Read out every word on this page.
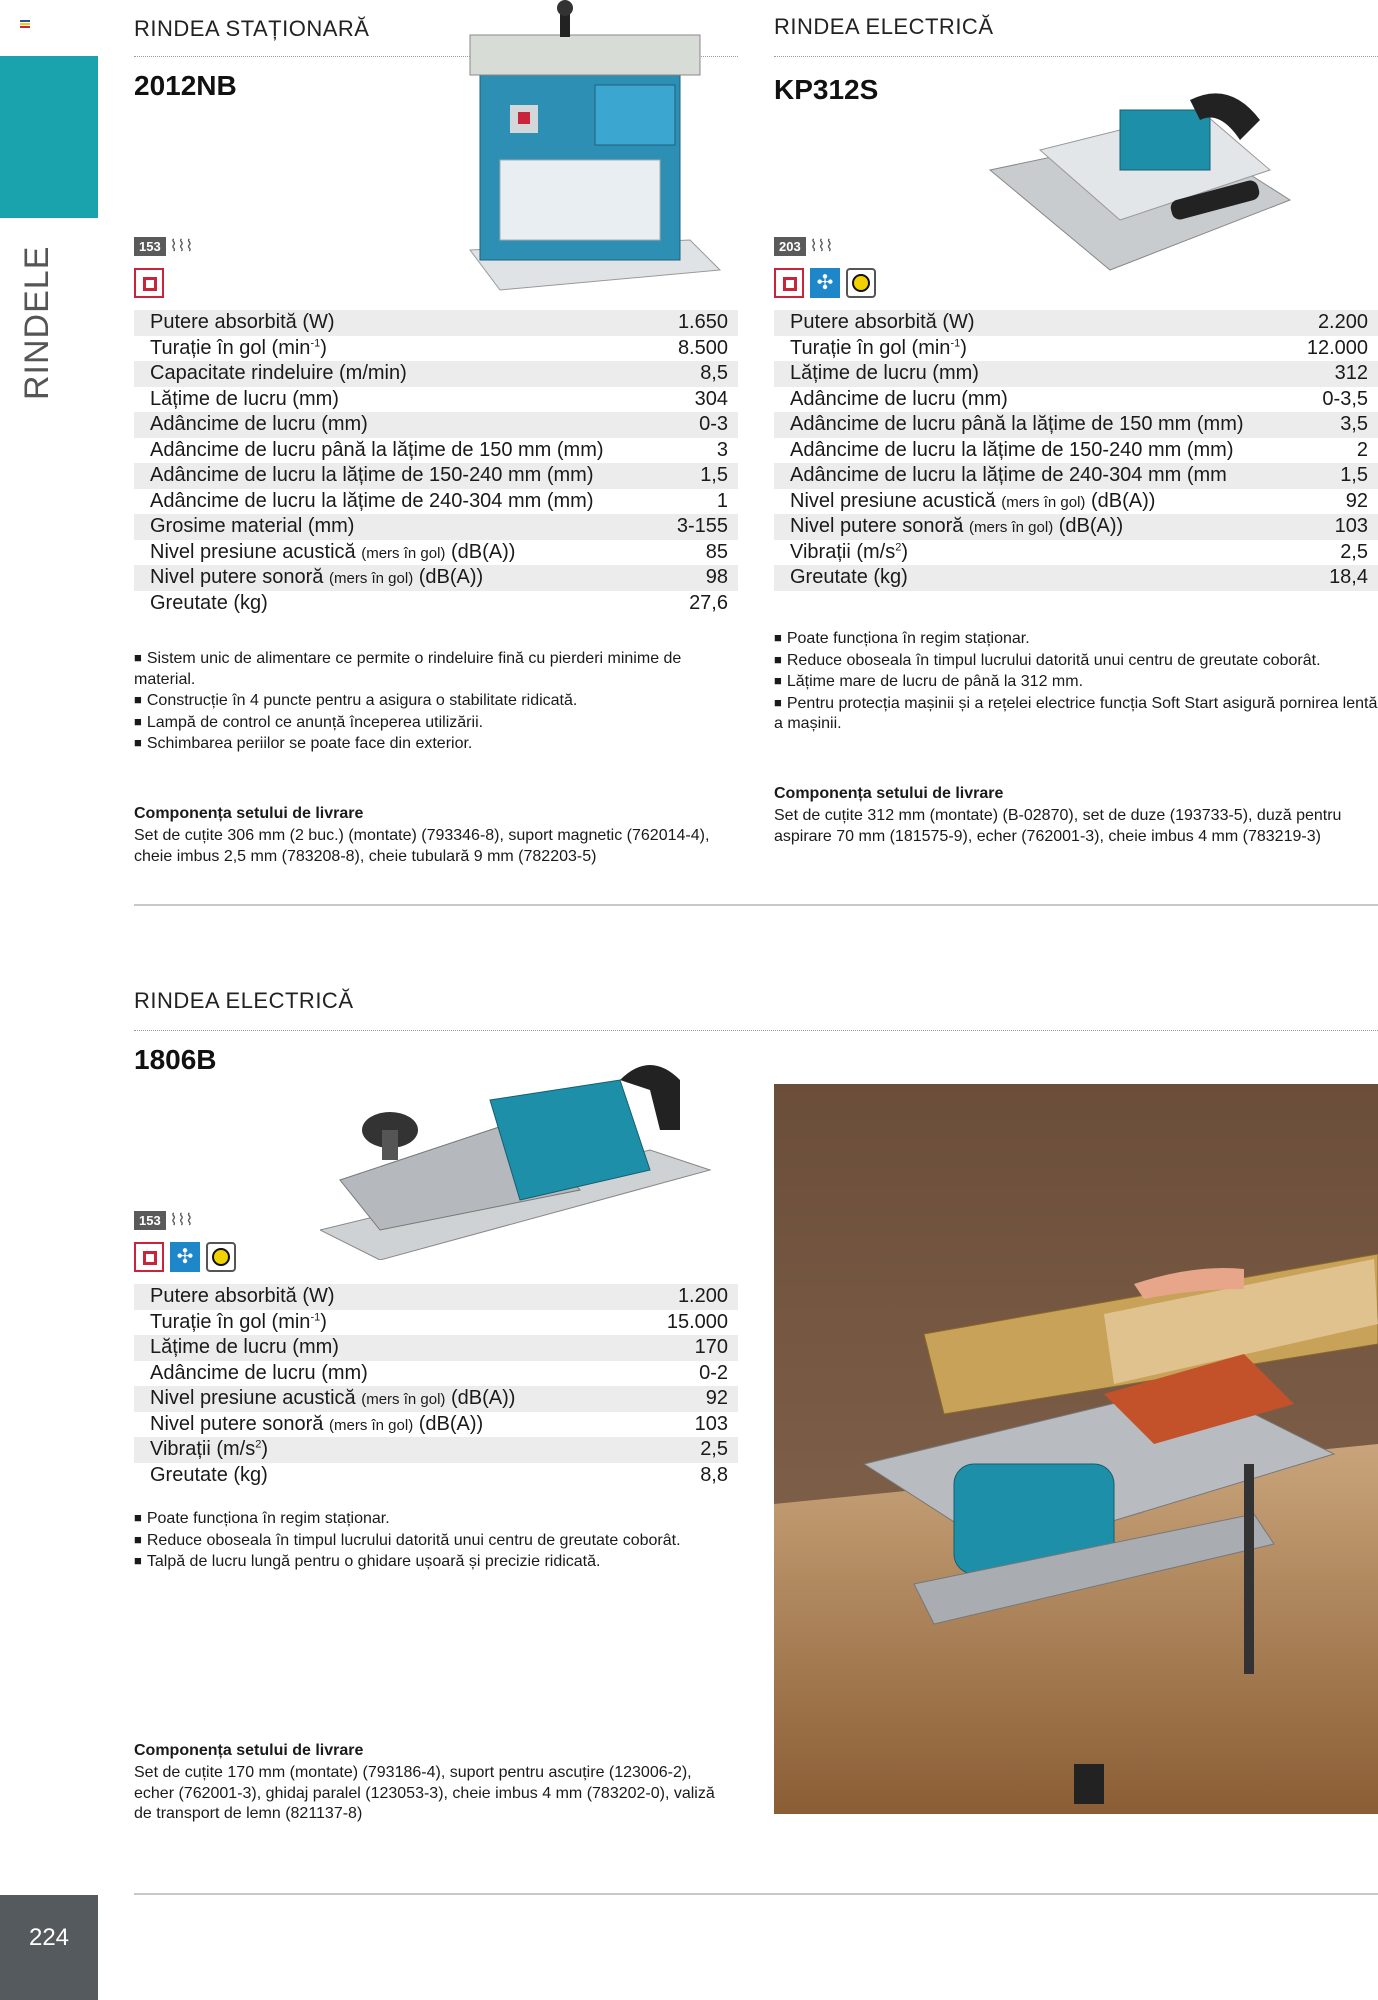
RINDELE
224
RINDEA STAȚIONARĂ
2012NB
153 ⌇⌇⌇
Putere absorbită (W)	1.650
Turație în gol $(\min^{-1})$	8.500
Capacitate rindeluire (m/min)	8,5
Lățime de lucru (mm)	304
Adâncime de lucru (mm)	0-3
Adâncime de lucru până la lățime de 150 mm (mm)	3
Adâncime de lucru la lățime de 150-240 mm (mm)	1,5
Adâncime de lucru la lățime de 240-304 mm (mm)	1
Grosime material (mm)	3-155
Nivel presiune acustică (mers în gol) (dB(A))	85
Nivel putere sonoră (mers în gol) (dB(A))	98
Greutate (kg)	27,6
■ Sistem unic de alimentare ce permite o rindeluire fină cu pierderi minime de material.
■ Construcție în 4 puncte pentru a asigura o stabilitate ridicată.
■ Lampă de control ce anunță începerea utilizării.
■ Schimbarea periilor se poate face din exterior.
Componența setului de livrare
Set de cuțite 306 mm (2 buc.) (montate) (793346-8), suport magnetic (762014-4), cheie imbus 2,5 mm (783208-8), cheie tubulară 9 mm (782203-5)
RINDEA ELECTRICĂ
KP312S
203 ⌇⌇⌇
✣
Putere absorbită (W)	2.200
Turație în gol $(\min^{-1})$	12.000
Lățime de lucru (mm)	312
Adâncime de lucru (mm)	0-3,5
Adâncime de lucru până la lățime de 150 mm (mm)	3,5
Adâncime de lucru la lățime de 150-240 mm (mm)	2
Adâncime de lucru la lățime de 240-304 mm (mm	1,5
Nivel presiune acustică (mers în gol) (dB(A))	92
Nivel putere sonoră (mers în gol) (dB(A))	103
Vibrații $(m/s^2)$	2,5
Greutate (kg)	18,4
■ Poate funcționa în regim staționar.
■ Reduce oboseala în timpul lucrului datorită unui centru de greutate coborât.
■ Lățime mare de lucru de până la 312 mm.
■ Pentru protecția mașinii și a rețelei electrice funcția Soft Start asigură pornirea lentă a mașinii.
Componența setului de livrare
Set de cuțite 312 mm (montate) (B-02870), set de duze (193733-5), duză pentru aspirare 70 mm (181575-9), echer (762001-3), cheie imbus 4 mm (783219-3)
RINDEA ELECTRICĂ
1806B
153 ⌇⌇⌇
✣
Putere absorbită (W)	1.200
Turație în gol $(\min^{-1})$	15.000
Lățime de lucru (mm)	170
Adâncime de lucru (mm)	0-2
Nivel presiune acustică (mers în gol) (dB(A))	92
Nivel putere sonoră (mers în gol) (dB(A))	103
Vibrații $(m/s^2)$	2,5
Greutate (kg)	8,8
■ Poate funcționa în regim staționar.
■ Reduce oboseala în timpul lucrului datorită unui centru de greutate coborât.
■ Talpă de lucru lungă pentru o ghidare ușoară și precizie ridicată.
Componența setului de livrare
Set de cuțite 170 mm (montate) (793186-4), suport pentru ascuțire (123006-2), echer (762001-3), ghidaj paralel (123053-3), cheie imbus 4 mm (783202-0), valiză de transport de lemn (821137-8)
